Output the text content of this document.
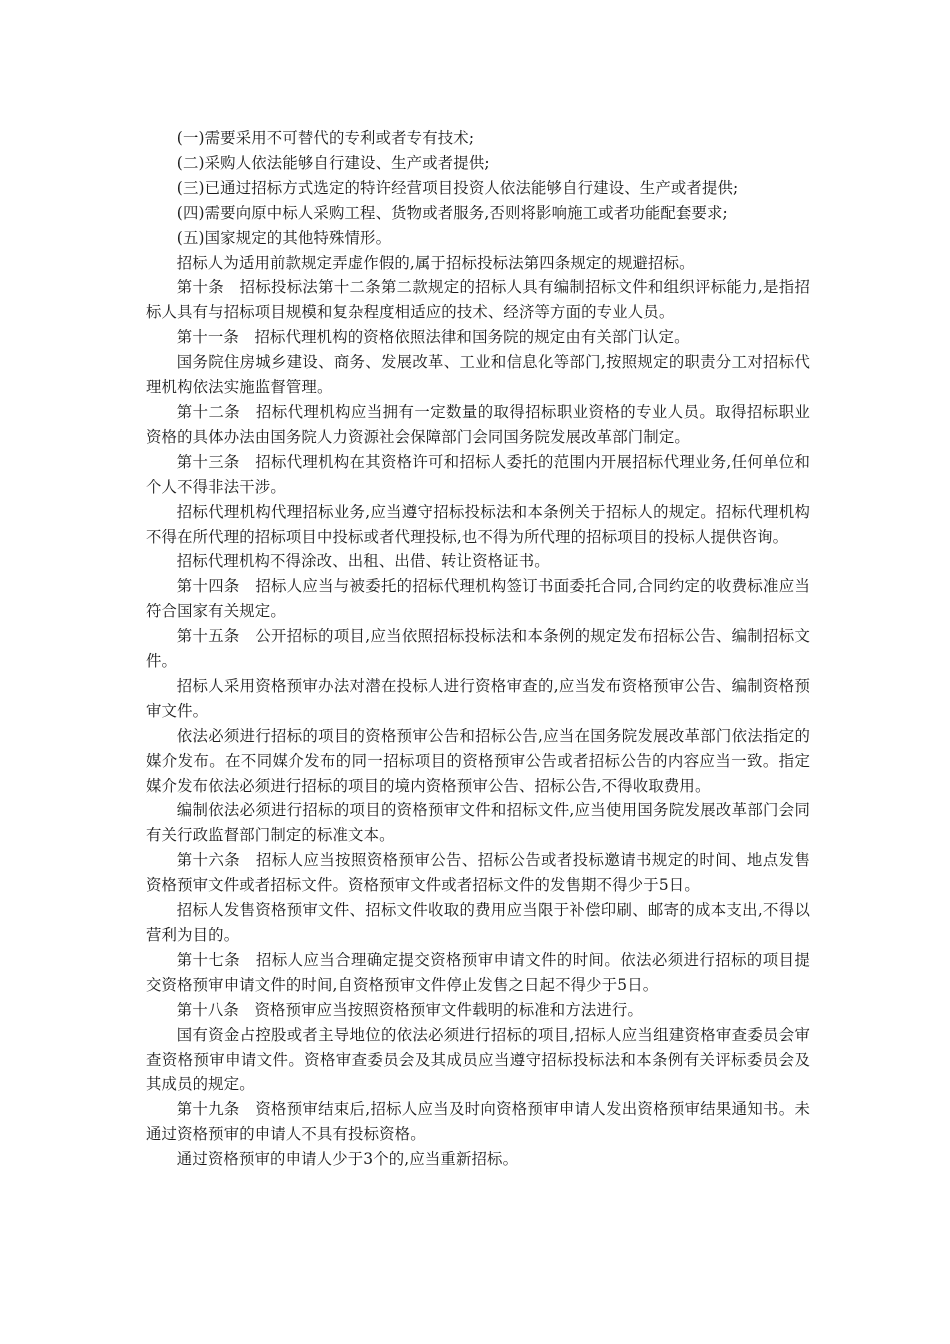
(一)需要采用不可替代的专利或者专有技术;

(二)采购人依法能够自行建设、生产或者提供;

(三)已通过招标方式选定的特许经营项目投资人依法能够自行建设、生产或者提供;

(四)需要向原中标人采购工程、货物或者服务,否则将影响施工或者功能配套要求;

(五)国家规定的其他特殊情形。

招标人为适用前款规定弄虚作假的,属于招标投标法第四条规定的规避招标。

第十条　招标投标法第十二条第二款规定的招标人具有编制招标文件和组织评标能力,是指招标人具有与招标项目规模和复杂程度相适应的技术、经济等方面的专业人员。

第十一条　招标代理机构的资格依照法律和国务院的规定由有关部门认定。

国务院住房城乡建设、商务、发展改革、工业和信息化等部门,按照规定的职责分工对招标代理机构依法实施监督管理。

第十二条　招标代理机构应当拥有一定数量的取得招标职业资格的专业人员。取得招标职业资格的具体办法由国务院人力资源社会保障部门会同国务院发展改革部门制定。

第十三条　招标代理机构在其资格许可和招标人委托的范围内开展招标代理业务,任何单位和个人不得非法干涉。

招标代理机构代理招标业务,应当遵守招标投标法和本条例关于招标人的规定。招标代理机构不得在所代理的招标项目中投标或者代理投标,也不得为所代理的招标项目的投标人提供咨询。

招标代理机构不得涂改、出租、出借、转让资格证书。

第十四条　招标人应当与被委托的招标代理机构签订书面委托合同,合同约定的收费标准应当符合国家有关规定。

第十五条　公开招标的项目,应当依照招标投标法和本条例的规定发布招标公告、编制招标文件。

招标人采用资格预审办法对潜在投标人进行资格审查的,应当发布资格预审公告、编制资格预审文件。

依法必须进行招标的项目的资格预审公告和招标公告,应当在国务院发展改革部门依法指定的媒介发布。在不同媒介发布的同一招标项目的资格预审公告或者招标公告的内容应当一致。指定媒介发布依法必须进行招标的项目的境内资格预审公告、招标公告,不得收取费用。

编制依法必须进行招标的项目的资格预审文件和招标文件,应当使用国务院发展改革部门会同有关行政监督部门制定的标准文本。

第十六条　招标人应当按照资格预审公告、招标公告或者投标邀请书规定的时间、地点发售资格预审文件或者招标文件。资格预审文件或者招标文件的发售期不得少于5日。

招标人发售资格预审文件、招标文件收取的费用应当限于补偿印刷、邮寄的成本支出,不得以营利为目的。

第十七条　招标人应当合理确定提交资格预审申请文件的时间。依法必须进行招标的项目提交资格预审申请文件的时间,自资格预审文件停止发售之日起不得少于5日。

第十八条　资格预审应当按照资格预审文件载明的标准和方法进行。

国有资金占控股或者主导地位的依法必须进行招标的项目,招标人应当组建资格审查委员会审查资格预审申请文件。资格审查委员会及其成员应当遵守招标投标法和本条例有关评标委员会及其成员的规定。

第十九条　资格预审结束后,招标人应当及时向资格预审申请人发出资格预审结果通知书。未通过资格预审的申请人不具有投标资格。

通过资格预审的申请人少于3个的,应当重新招标。
